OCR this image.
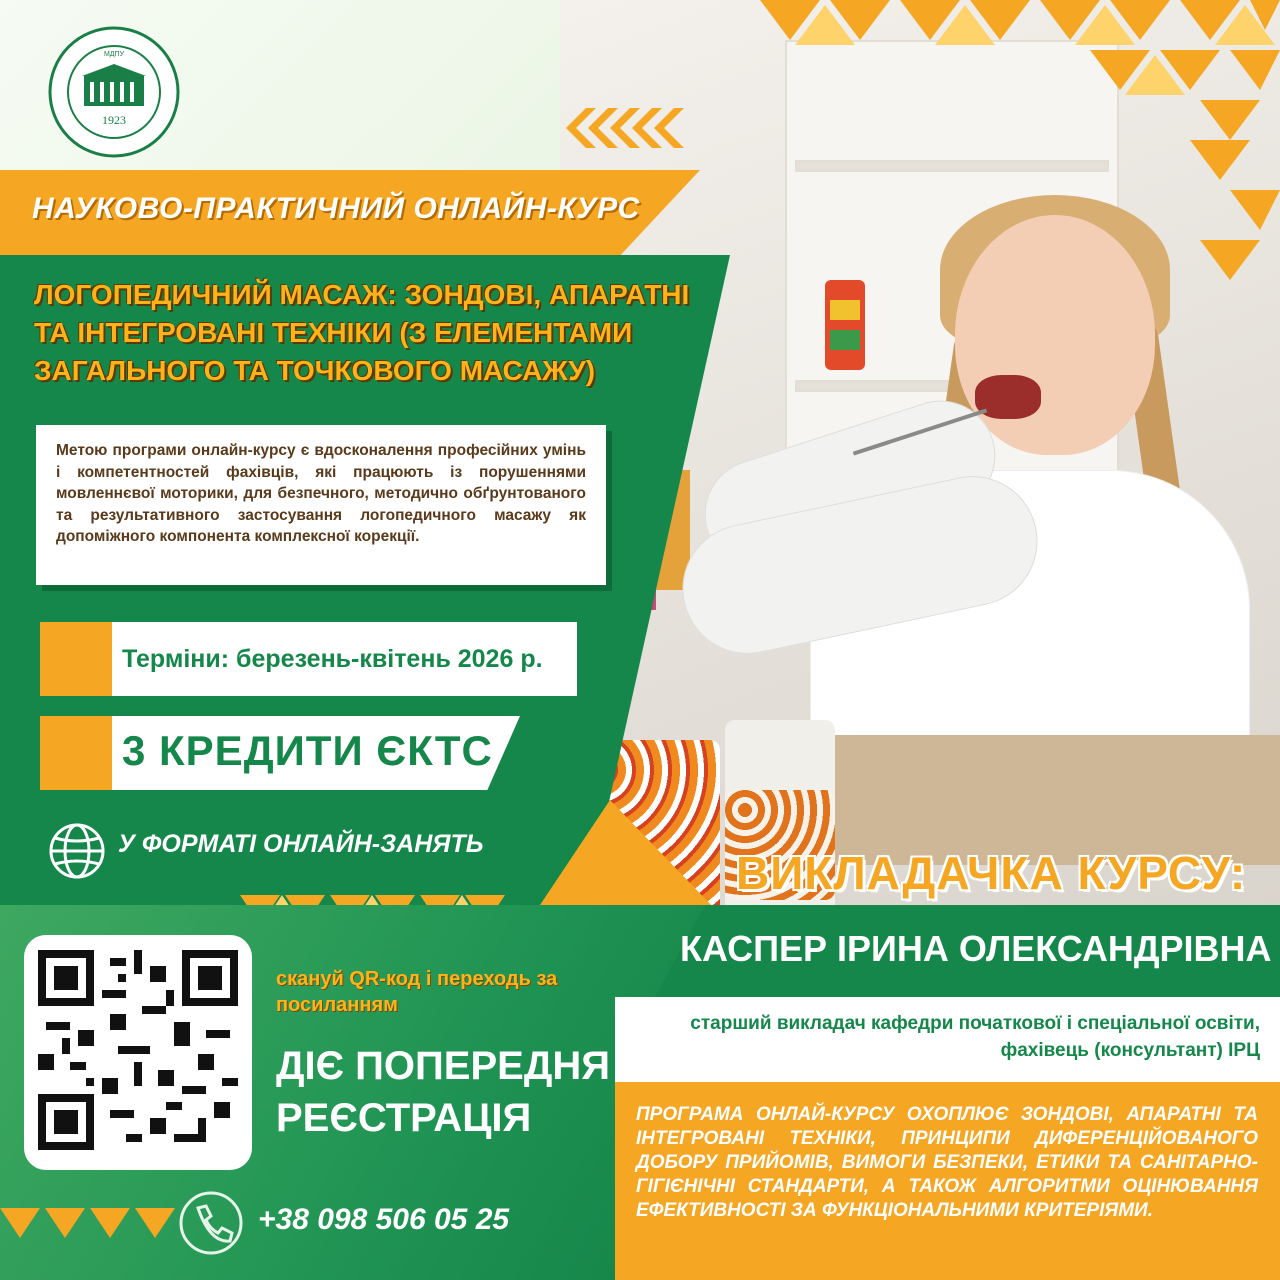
1923
МДПУ
НАУКОВО-ПРАКТИЧНИЙ ОНЛАЙН-КУРС
ЛОГОПЕДИЧНИЙ МАСАЖ: ЗОНДОВІ, АПАРАТНІ ТА ІНТЕГРОВАНІ ТЕХНІКИ (З ЕЛЕМЕНТАМИ ЗАГАЛЬНОГО ТА ТОЧКОВОГО МАСАЖУ)
Метою програми онлайн-курсу є вдосконалення професійних умінь і компетентностей фахівців, які працюють із порушеннями мовленнєвої моторики, для безпечного, методично обґрунтованого та результативного застосування логопедичного масажу як допоміжного компонента комплексної корекції.
Терміни: березень-квітень 2026 р.
3 КРЕДИТИ ЄКТС
У ФОРМАТІ ОНЛАЙН-ЗАНЯТЬ
скануй QR-код і переходь за посиланням
ДІЄ ПОПЕРЕДНЯ РЕЄСТРАЦІЯ
+38 098 506 05 25
ВИКЛАДАЧКА КУРСУ:
КАСПЕР ІРИНА ОЛЕКСАНДРІВНА
старший викладач кафедри початкової і спеціальної освіти, фахівець (консультант) ІРЦ
ПРОГРАМА ОНЛАЙ-КУРСУ ОХОПЛЮЄ ЗОНДОВІ, АПАРАТНІ ТА ІНТЕГРОВАНІ ТЕХНІКИ, ПРИНЦИПИ ДИФЕРЕНЦІЙОВАНОГО ДОБОРУ ПРИЙОМІВ, ВИМОГИ БЕЗПЕКИ, ЕТИКИ ТА САНІТАРНО-ГІГІЄНІЧНІ СТАНДАРТИ, А ТАКОЖ АЛГОРИТМИ ОЦІНЮВАННЯ ЕФЕКТИВНОСТІ ЗА ФУНКЦІОНАЛЬНИМИ КРИТЕРІЯМИ.
